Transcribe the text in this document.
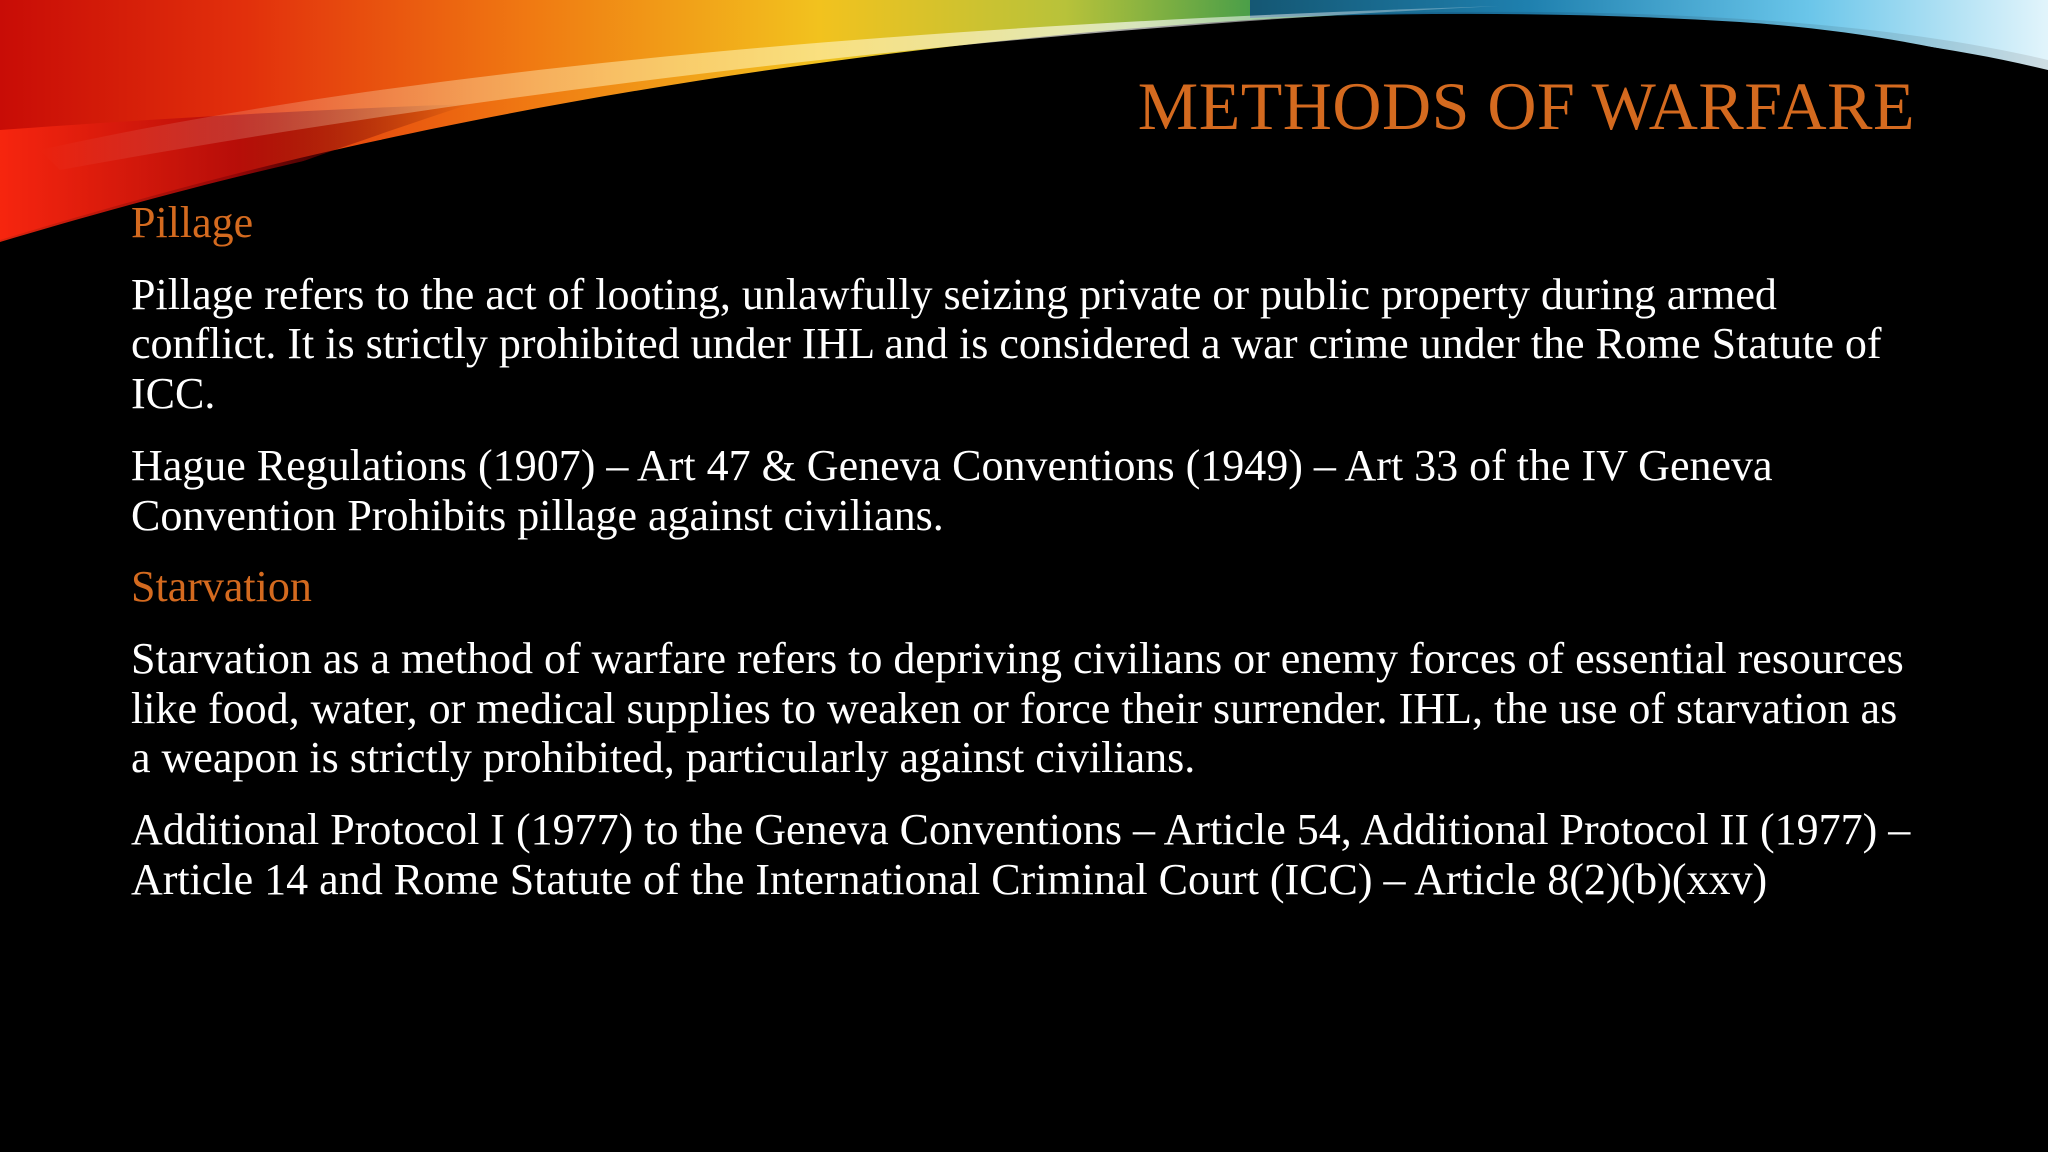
METHODS OF WARFARE

Pillage

Pillage refers to the act of looting, unlawfully seizing private or public property during armed conflict. It is strictly prohibited under IHL and is considered a war crime under the Rome Statute of ICC.

Hague Regulations (1907) – Art 47 & Geneva Conventions (1949) – Art 33 of the IV Geneva Convention Prohibits pillage against civilians.

Starvation

Starvation as a method of warfare refers to depriving civilians or enemy forces of essential resources like food, water, or medical supplies to weaken or force their surrender. IHL, the use of starvation as a weapon is strictly prohibited, particularly against civilians.

Additional Protocol I (1977) to the Geneva Conventions – Article 54, Additional Protocol II (1977) – Article 14 and Rome Statute of the International Criminal Court (ICC) – Article 8(2)(b)(xxv)
